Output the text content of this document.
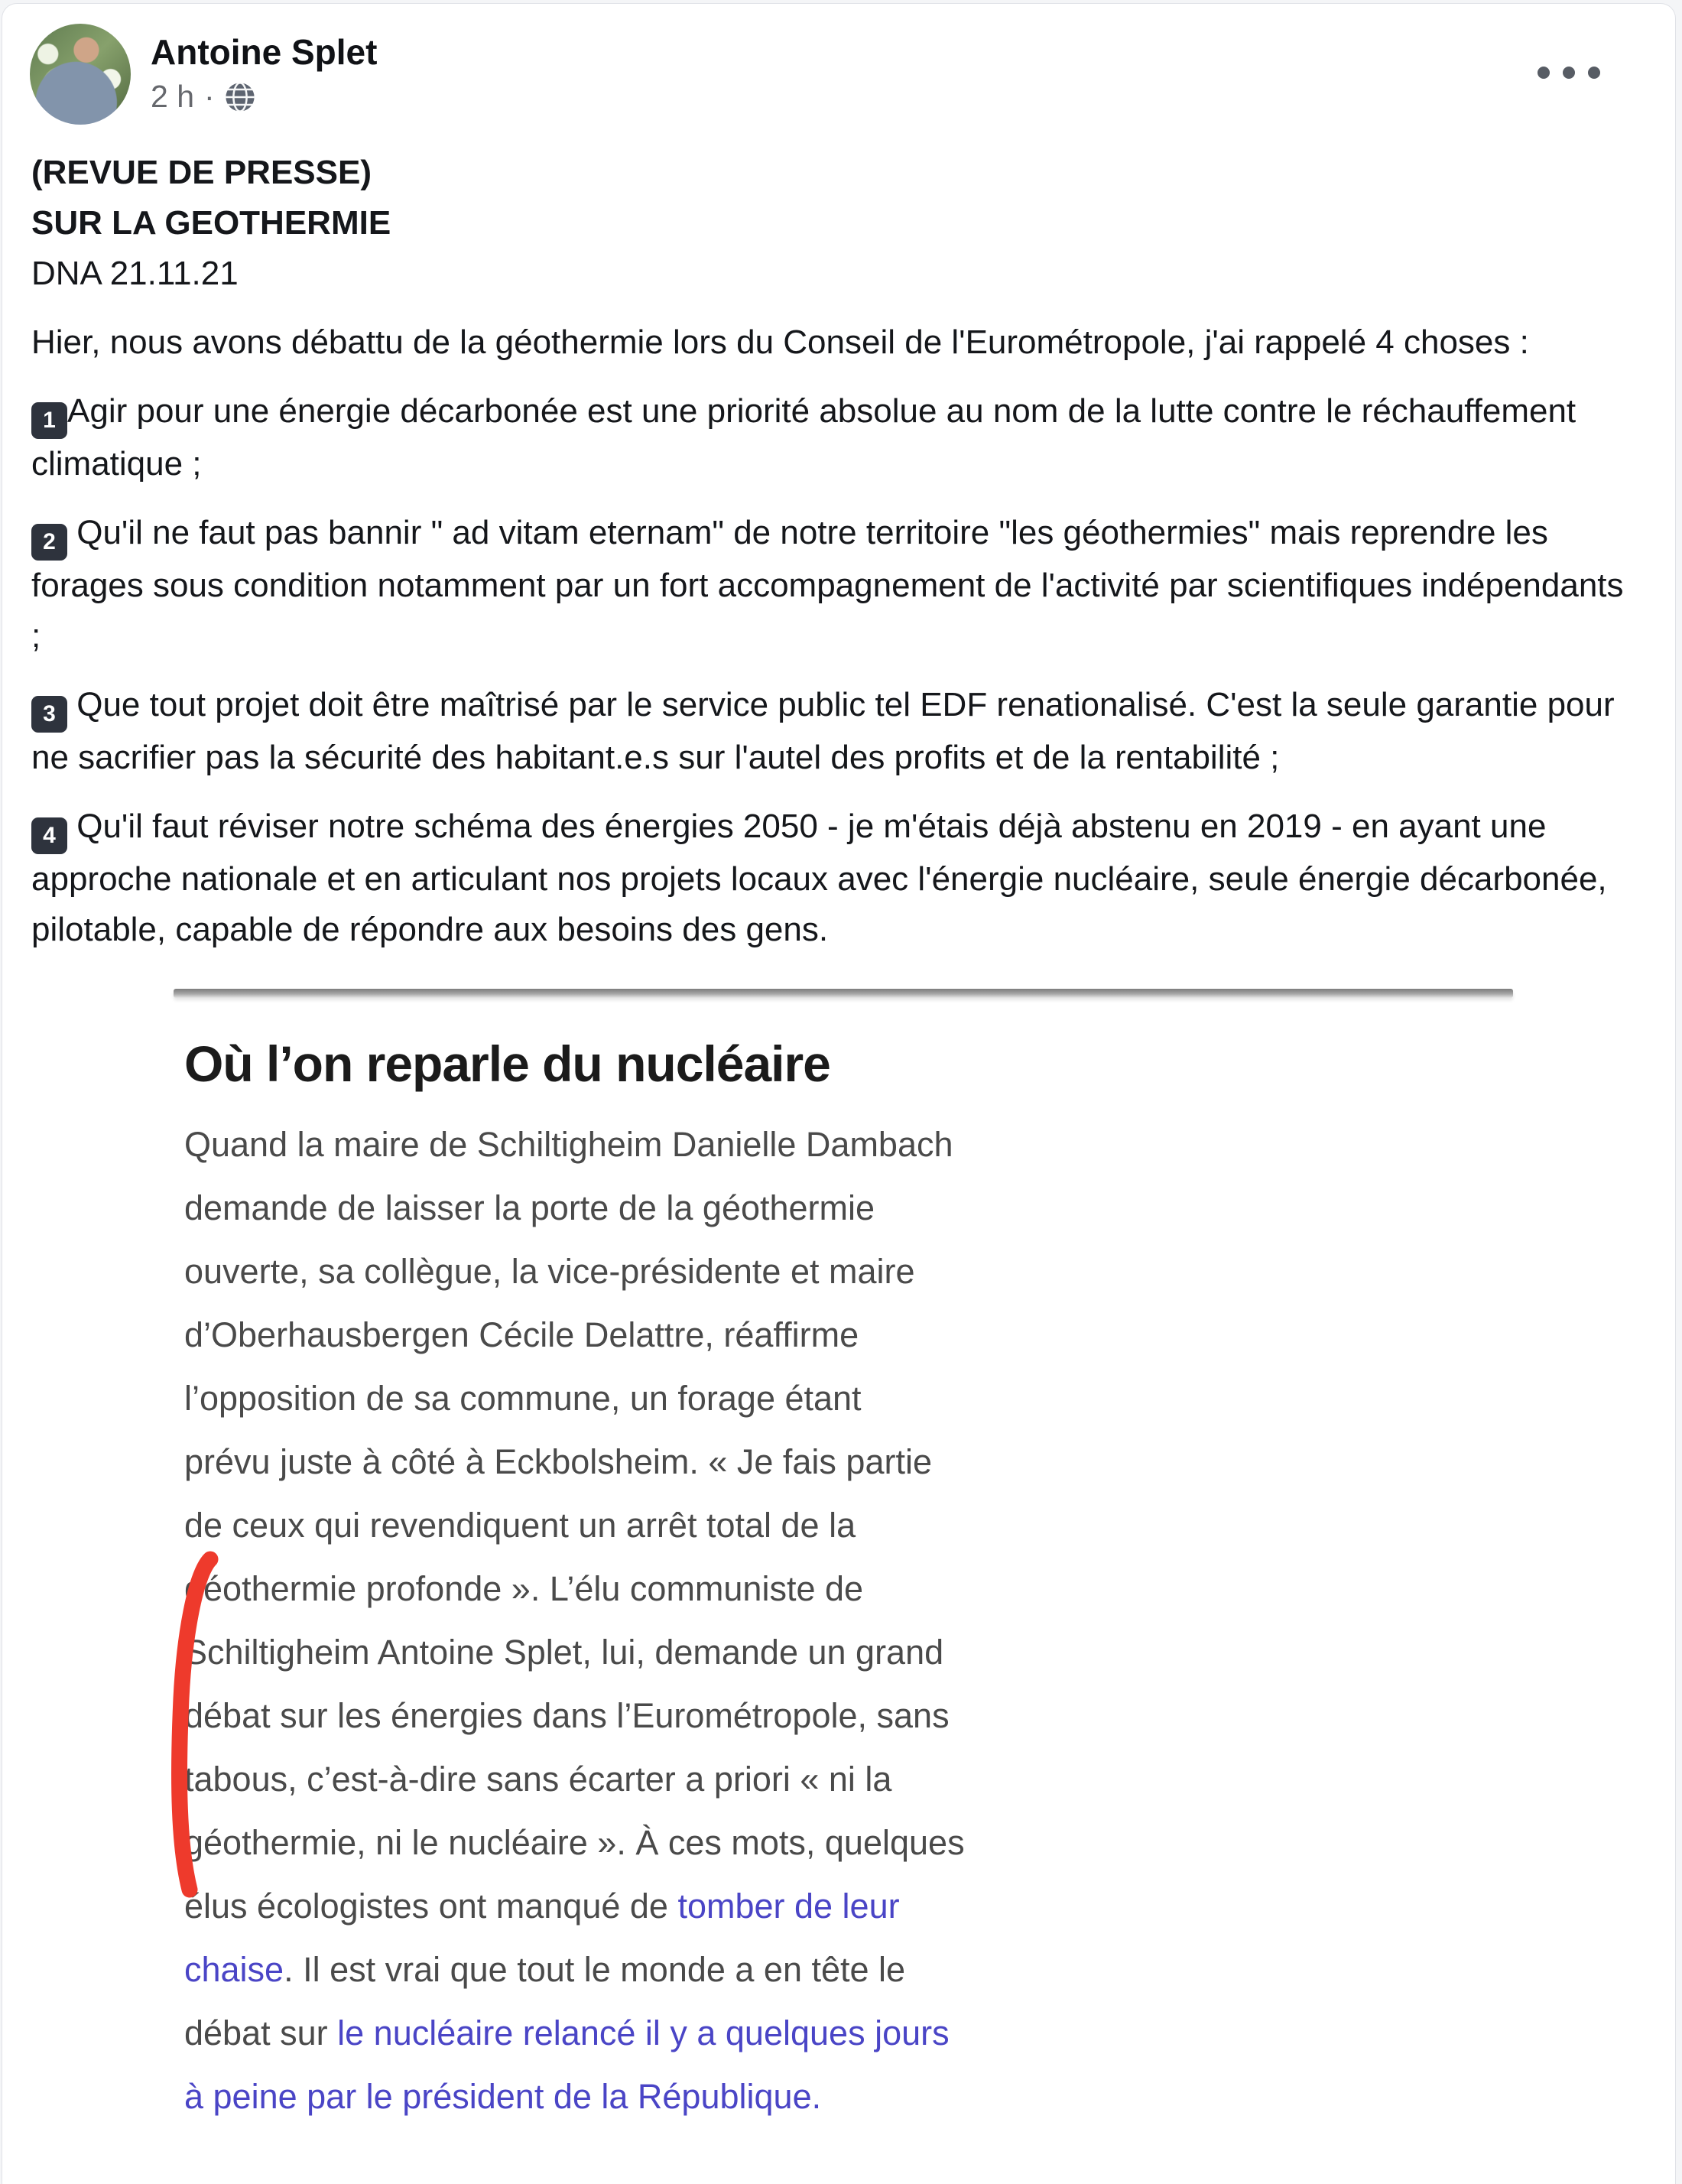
Antoine Splet
2 h ·
(REVUE DE PRESSE)
SUR LA GEOTHERMIE
DNA 21.11.21

Hier, nous avons débattu de la géothermie lors du Conseil de l'Eurométropole, j'ai rappelé 4 choses :

1 Agir pour une énergie décarbonée est une priorité absolue au nom de la lutte contre le réchauffement climatique ;

2 Qu'il ne faut pas bannir " ad vitam eternam" de notre territoire "les géothermies" mais reprendre les forages sous condition notamment par un fort accompagnement de l'activité par scientifiques indépendants ;

3 Que tout projet doit être maîtrisé par le service public tel EDF renationalisé. C'est la seule garantie pour ne sacrifier pas la sécurité des habitant.e.s sur l'autel des profits et de la rentabilité ;

4 Qu'il faut réviser notre schéma des énergies 2050 - je m'étais déjà abstenu en 2019 - en ayant une approche nationale et en articulant nos projets locaux avec l'énergie nucléaire, seule énergie décarbonée, pilotable, capable de répondre aux besoins des gens.

Où l’on reparle du nucléaire
Quand la maire de Schiltigheim Danielle Dambach
demande de laisser la porte de la géothermie
ouverte, sa collègue, la vice-présidente et maire
d’Oberhausbergen Cécile Delattre, réaffirme
l’opposition de sa commune, un forage étant
prévu juste à côté à Eckbolsheim. « Je fais partie
de ceux qui revendiquent un arrêt total de la
géothermie profonde ». L’élu communiste de
Schiltigheim Antoine Splet, lui, demande un grand
débat sur les énergies dans l’Eurométropole, sans
tabous, c’est-à-dire sans écarter a priori « ni la
géothermie, ni le nucléaire ». À ces mots, quelques
élus écologistes ont manqué de tomber de leur
chaise. Il est vrai que tout le monde a en tête le
débat sur le nucléaire relancé il y a quelques jours
à peine par le président de la République.
